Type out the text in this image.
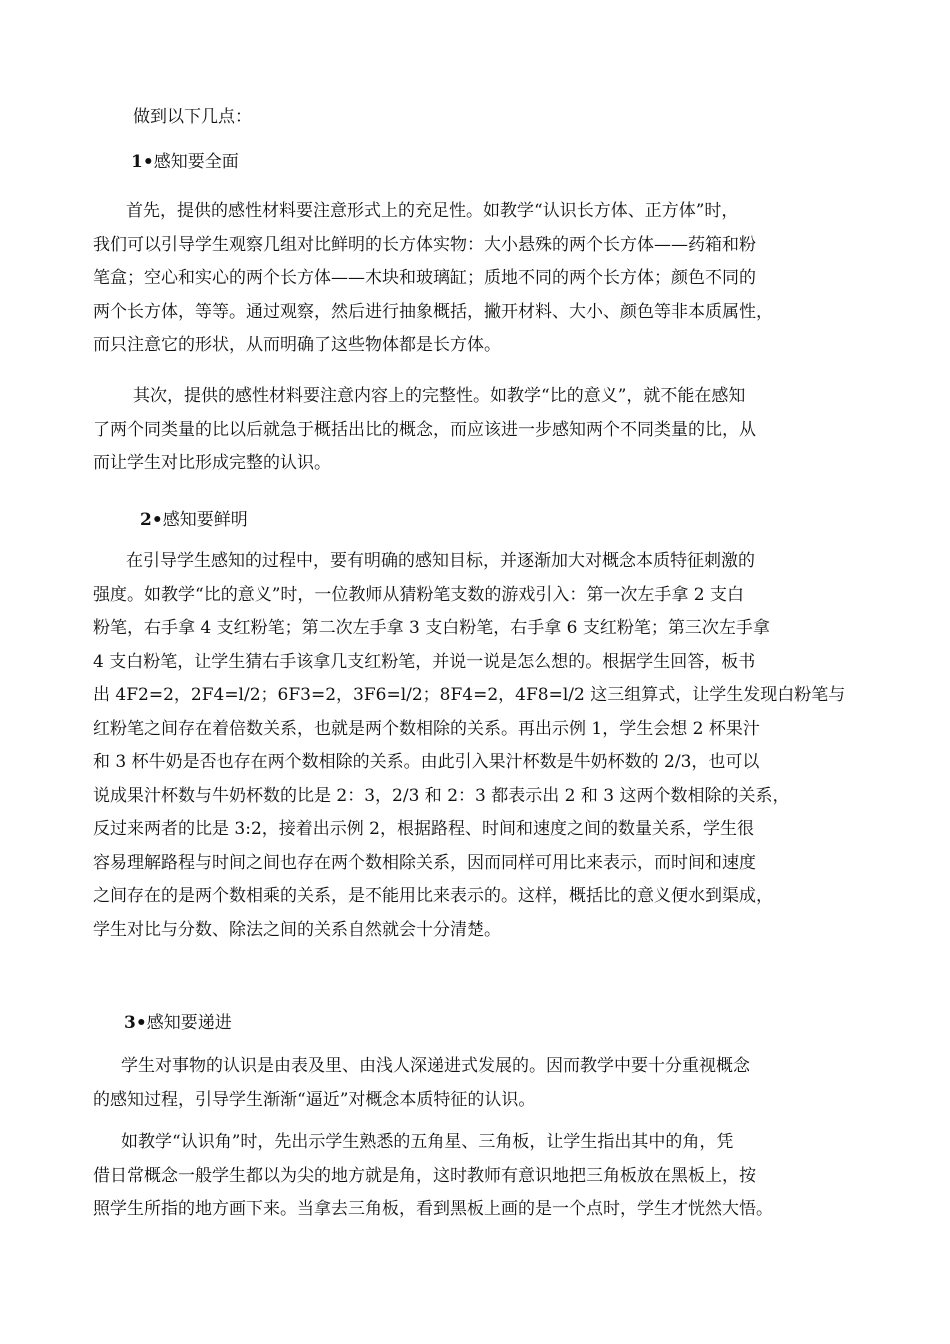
做到以下几点：
1•感知要全面
首先，提供的感性材料要注意形式上的充足性。如教学“认识长方体、正方体”时，
我们可以引导学生观察几组对比鲜明的长方体实物：大小悬殊的两个长方体——药箱和粉
笔盒；空心和实心的两个长方体——木块和玻璃缸；质地不同的两个长方体；颜色不同的
两个长方体，等等。通过观察，然后进行抽象概括，撇开材料、大小、颜色等非本质属性，
而只注意它的形状，从而明确了这些物体都是长方体。
其次，提供的感性材料要注意内容上的完整性。如教学“比的意义”，就不能在感知
了两个同类量的比以后就急于概括出比的概念，而应该进一步感知两个不同类量的比，从
而让学生对比形成完整的认识。
2•感知要鲜明
在引导学生感知的过程中，要有明确的感知目标，并逐渐加大对概念本质特征刺激的
强度。如教学“比的意义”时，一位教师从猜粉笔支数的游戏引入：第一次左手拿 2 支白
粉笔，右手拿 4 支红粉笔；第二次左手拿 3 支白粉笔，右手拿 6 支红粉笔；第三次左手拿
4 支白粉笔，让学生猜右手该拿几支红粉笔，并说一说是怎么想的。根据学生回答，板书
出 4F2=2，2F4=l/2；6F3=2，3F6=l/2；8F4=2，4F8=l/2 这三组算式，让学生发现白粉笔与
红粉笔之间存在着倍数关系，也就是两个数相除的关系。再出示例 1，学生会想 2 杯果汁
和 3 杯牛奶是否也存在两个数相除的关系。由此引入果汁杯数是牛奶杯数的 2/3，也可以
说成果汁杯数与牛奶杯数的比是 2：3，2/3 和 2：3 都表示出 2 和 3 这两个数相除的关系，
反过来两者的比是 3:2，接着出示例 2，根据路程、时间和速度之间的数量关系，学生很
容易理解路程与时间之间也存在两个数相除关系，因而同样可用比来表示，而时间和速度
之间存在的是两个数相乘的关系，是不能用比来表示的。这样，概括比的意义便水到渠成，
学生对比与分数、除法之间的关系自然就会十分清楚。
3•感知要递进
学生对事物的认识是由表及里、由浅人深递进式发展的。因而教学中要十分重视概念
的感知过程，引导学生渐渐“逼近”对概念本质特征的认识。
如教学“认识角”时，先出示学生熟悉的五角星、三角板，让学生指出其中的角，凭
借日常概念一般学生都以为尖的地方就是角，这时教师有意识地把三角板放在黑板上，按
照学生所指的地方画下来。当拿去三角板，看到黑板上画的是一个点时，学生才恍然大悟。
